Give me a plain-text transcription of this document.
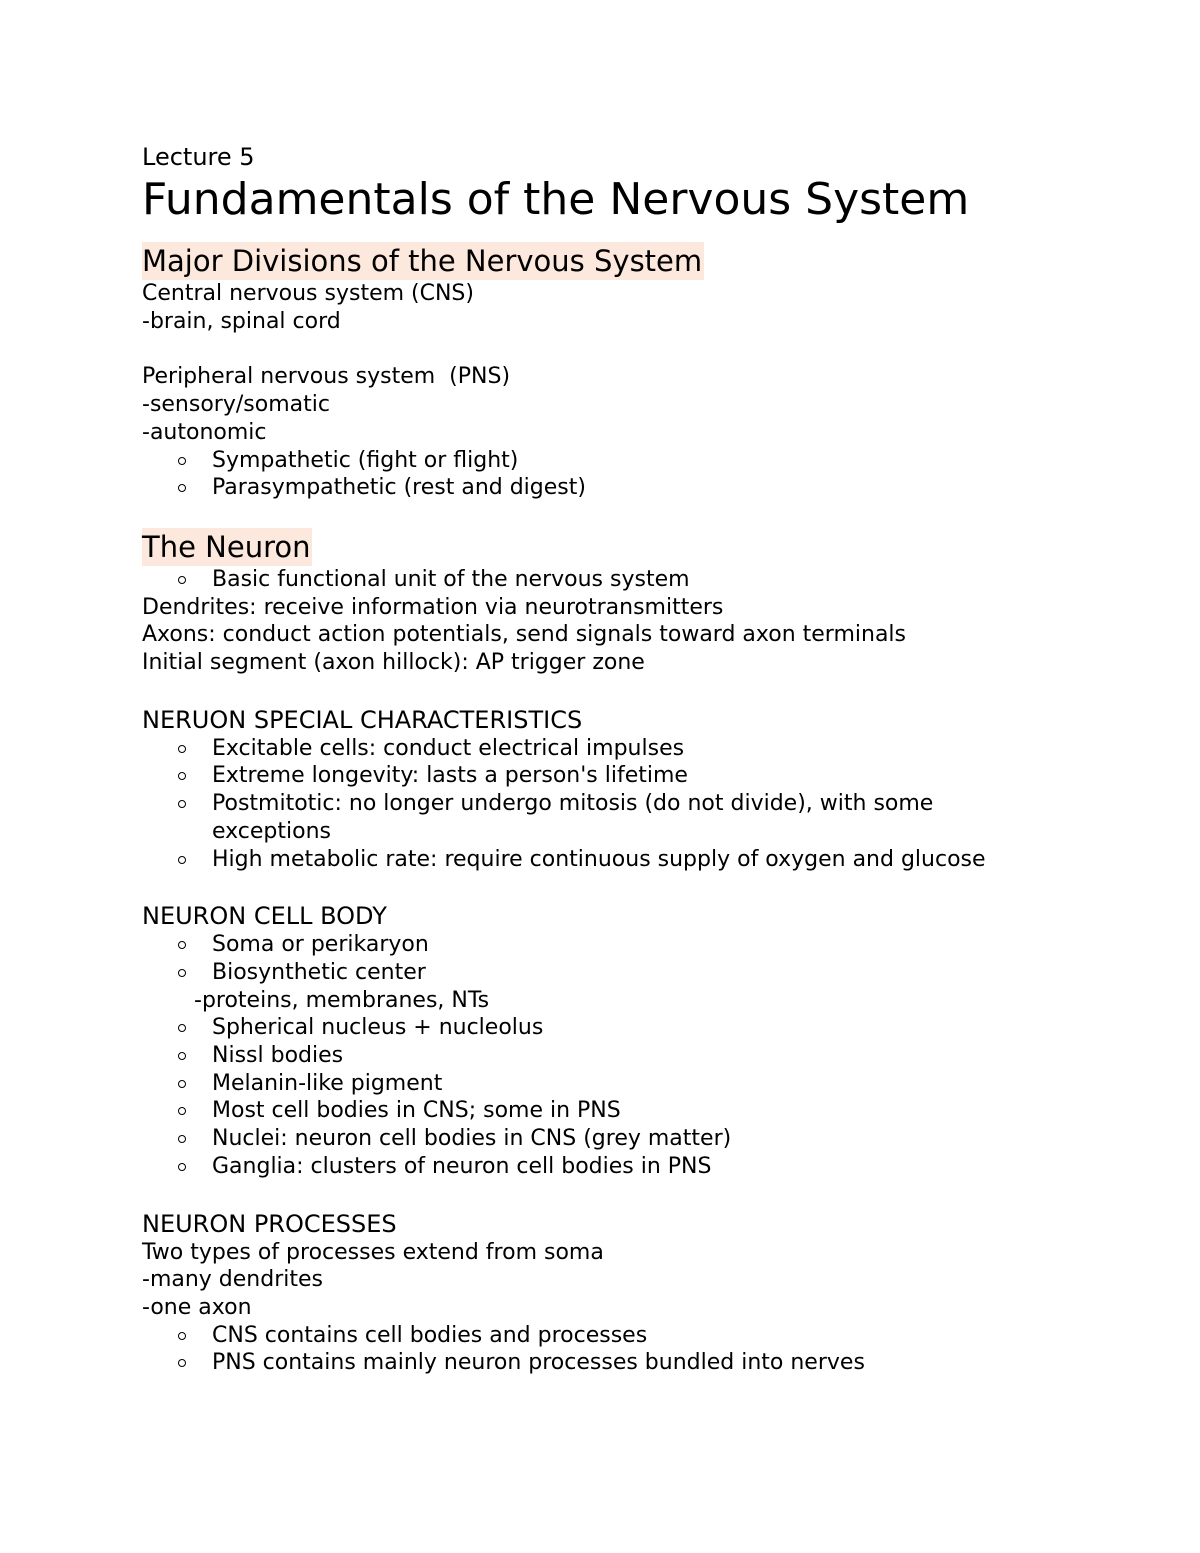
Lecture 5
Fundamentals of the Nervous System
Major Divisions of the Nervous System
Central nervous system (CNS)
-brain, spinal cord
Peripheral nervous system  (PNS)
-sensory/somatic
-autonomic
Sympathetic (fight or flight)
Parasympathetic (rest and digest)
The Neuron
Basic functional unit of the nervous system
Dendrites: receive information via neurotransmitters
Axons: conduct action potentials, send signals toward axon terminals
Initial segment (axon hillock): AP trigger zone
NERUON SPECIAL CHARACTERISTICS
Excitable cells: conduct electrical impulses
Extreme longevity: lasts a person's lifetime
Postmitotic: no longer undergo mitosis (do not divide), with some exceptions
High metabolic rate: require continuous supply of oxygen and glucose
NEURON CELL BODY
Soma or perikaryon
Biosynthetic center
-proteins, membranes, NTs
Spherical nucleus + nucleolus
Nissl bodies
Melanin-like pigment
Most cell bodies in CNS; some in PNS
Nuclei: neuron cell bodies in CNS (grey matter)
Ganglia: clusters of neuron cell bodies in PNS
NEURON PROCESSES
Two types of processes extend from soma
-many dendrites
-one axon
CNS contains cell bodies and processes
PNS contains mainly neuron processes bundled into nerves
